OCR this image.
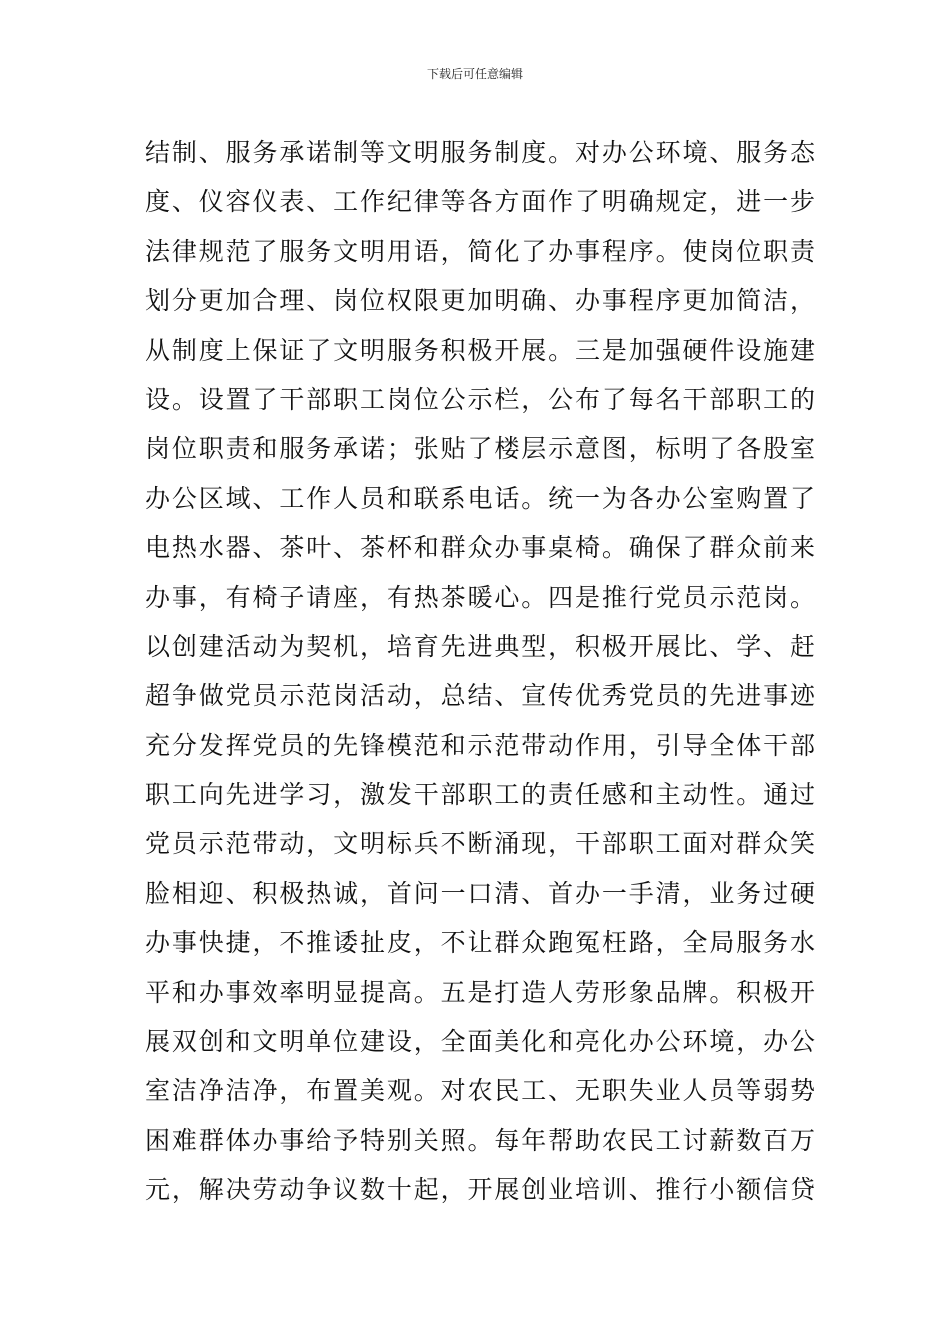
下载后可任意编辑
结制、服务承诺制等文明服务制度。对办公环境、服务态
度、仪容仪表、工作纪律等各方面作了明确规定，进一步
法律规范了服务文明用语，简化了办事程序。使岗位职责
划分更加合理、岗位权限更加明确、办事程序更加简洁，
从制度上保证了文明服务积极开展。三是加强硬件设施建
设。设置了干部职工岗位公示栏，公布了每名干部职工的
岗位职责和服务承诺；张贴了楼层示意图，标明了各股室
办公区域、工作人员和联系电话。统一为各办公室购置了
电热水器、茶叶、茶杯和群众办事桌椅。确保了群众前来
办事，有椅子请座，有热茶暖心。四是推行党员示范岗。
以创建活动为契机，培育先进典型，积极开展比、学、赶
超争做党员示范岗活动，总结、宣传优秀党员的先进事迹
充分发挥党员的先锋模范和示范带动作用，引导全体干部
职工向先进学习，激发干部职工的责任感和主动性。通过
党员示范带动，文明标兵不断涌现，干部职工面对群众笑
脸相迎、积极热诚，首问一口清、首办一手清，业务过硬
办事快捷，不推诿扯皮，不让群众跑冤枉路，全局服务水
平和办事效率明显提高。五是打造人劳形象品牌。积极开
展双创和文明单位建设，全面美化和亮化办公环境，办公
室洁净洁净，布置美观。对农民工、无职失业人员等弱势
困难群体办事给予特别关照。每年帮助农民工讨薪数百万
元，解决劳动争议数十起，开展创业培训、推行小额信贷
